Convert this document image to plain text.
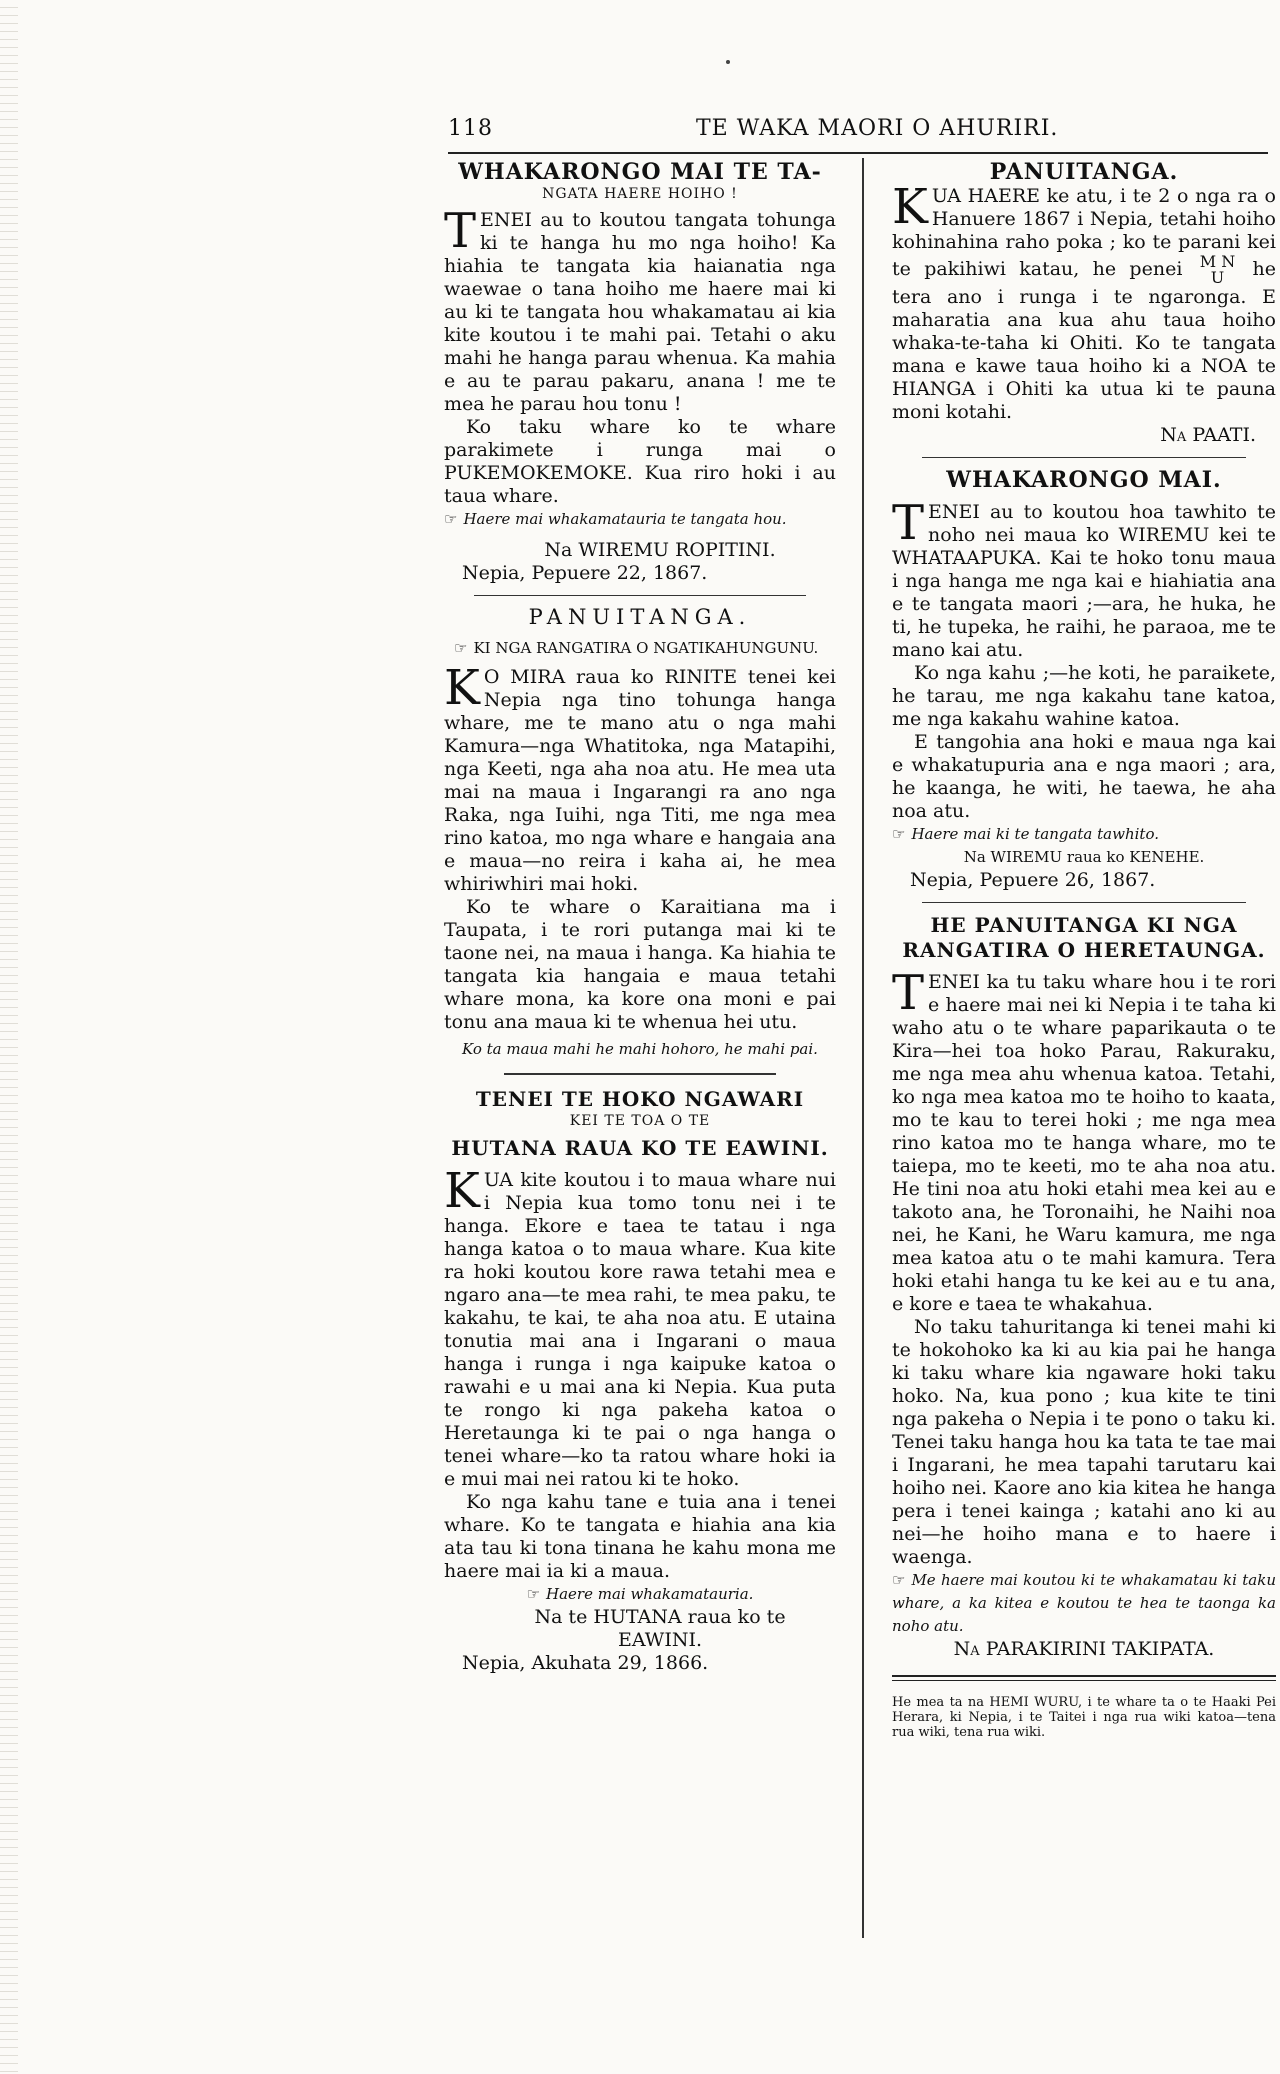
118	TE WAKA MAORI O AHURIRI.
WHAKARONGO MAI TE TA-
NGATA HAERE HOIHO !

TENEI au to koutou tangata tohunga ki te hanga hu mo nga hoiho! Ka hiahia te tangata kia haianatia nga waewae o tana hoiho me haere mai ki au ki te tangata hou whakamatau ai kia kite koutou i te mahi pai. Tetahi o aku mahi he hanga parau whenua. Ka mahia e au te parau pakaru, anana ! me te mea he parau hou tonu !

Ko taku whare ko te whare parakimete i runga mai o PUKEMOKEMOKE. Kua riro hoki i au taua whare.

☞ Haere mai whakamatauria te tangata hou.

Na WIREMU ROPITINI.

Nepia, Pepuere 22, 1867.

PANUITANGA.

☞ KI NGA RANGATIRA O NGATIKAHUNGUNU.

KO MIRA raua ko RINITE tenei kei Nepia nga tino tohunga hanga whare, me te mano atu o nga mahi Kamura—nga Whatitoka, nga Matapihi, nga Keeti, nga aha noa atu. He mea uta mai na maua i Ingarangi ra ano nga Raka, nga Iuihi, nga Titi, me nga mea rino katoa, mo nga whare e hangaia ana e maua—no reira i kaha ai, he mea whiriwhiri mai hoki.

Ko te whare o Karaitiana ma i Taupata, i te rori putanga mai ki te taone nei, na maua i hanga. Ka hiahia te tangata kia hangaia e maua tetahi whare mona, ka kore ona moni e pai tonu ana maua ki te whenua hei utu.

Ko ta maua mahi he mahi hohoro, he mahi pai.

TENEI TE HOKO NGAWARI
KEI TE TOA O TE
HUTANA RAUA KO TE EAWINI.

KUA kite koutou i to maua whare nui i Nepia kua tomo tonu nei i te hanga. Ekore e taea te tatau i nga hanga katoa o to maua whare. Kua kite ra hoki koutou kore rawa tetahi mea e ngaro ana—te mea rahi, te mea paku, te kakahu, te kai, te aha noa atu. E utaina tonutia mai ana i Ingarani o maua hanga i runga i nga kaipuke katoa o rawahi e u mai ana ki Nepia. Kua puta te rongo ki nga pakeha katoa o Heretaunga ki te pai o nga hanga o tenei whare—ko ta ratou whare hoki ia e mui mai nei ratou ki te hoko.

Ko nga kahu tane e tuia ana i tenei whare. Ko te tangata e hiahia ana kia ata tau ki tona tinana he kahu mona me haere mai ia ki a maua.

☞ Haere mai whakamatauria.

Na te HUTANA raua ko te

EAWINI.

Nepia, Akuhata 29, 1866.

PANUITANGA.

KUA HAERE ke atu, i te 2 o nga ra o Hanuere 1867 i Nepia, tetahi hoiho kohinahina raho poka ; ko te parani kei te pakihiwi katau, he penei M N
U he tera ano i runga i te ngaronga. E maharatia ana kua ahu taua hoiho whaka-te-taha ki Ohiti. Ko te tangata mana e kawe taua hoiho ki a NOA te HIANGA i Ohiti ka utua ki te pauna moni kotahi.

Na PAATI.

WHAKARONGO MAI.

TENEI au to koutou hoa tawhito te noho nei maua ko WIREMU kei te WHATAAPUKA. Kai te hoko tonu maua i nga hanga me nga kai e hiahiatia ana e te tangata maori ;—ara, he huka, he ti, he tupeka, he raihi, he paraoa, me te mano kai atu.

Ko nga kahu ;—he koti, he paraikete, he tarau, me nga kakahu tane katoa, me nga kakahu wahine katoa.

E tangohia ana hoki e maua nga kai e whakatupuria ana e nga maori ; ara, he kaanga, he witi, he taewa, he aha noa atu.

☞ Haere mai ki te tangata tawhito.

Na WIREMU raua ko KENEHE.

Nepia, Pepuere 26, 1867.

HE PANUITANGA KI NGA RANGATIRA O HERETAUNGA.

TENEI ka tu taku whare hou i te rori e haere mai nei ki Nepia i te taha ki waho atu o te whare paparikauta o te Kira—hei toa hoko Parau, Rakuraku, me nga mea ahu whenua katoa. Tetahi, ko nga mea katoa mo te hoiho to kaata, mo te kau to terei hoki ; me nga mea rino katoa mo te hanga whare, mo te taiepa, mo te keeti, mo te aha noa atu. He tini noa atu hoki etahi mea kei au e takoto ana, he Toronaihi, he Naihi noa nei, he Kani, he Waru kamura, me nga mea katoa atu o te mahi kamura. Tera hoki etahi hanga tu ke kei au e tu ana, e kore e taea te whakahua.

No taku tahuritanga ki tenei mahi ki te hokohoko ka ki au kia pai he hanga ki taku whare kia ngaware hoki taku hoko. Na, kua pono ; kua kite te tini nga pakeha o Nepia i te pono o taku ki. Tenei taku hanga hou ka tata te tae mai i Ingarani, he mea tapahi tarutaru kai hoiho nei. Kaore ano kia kitea he hanga pera i tenei kainga ; katahi ano ki au nei—he hoiho mana e to haere i waenga.

☞ Me haere mai koutou ki te whakamatau ki taku whare, a ka kitea e koutou te hea te taonga ka noho atu.

Na PARAKIRINI TAKIPATA.

He mea ta na HEMI WURU, i te whare ta o te Haaki Pei Herara, ki Nepia, i te Taitei i nga rua wiki katoa—tena rua wiki, tena rua wiki.
